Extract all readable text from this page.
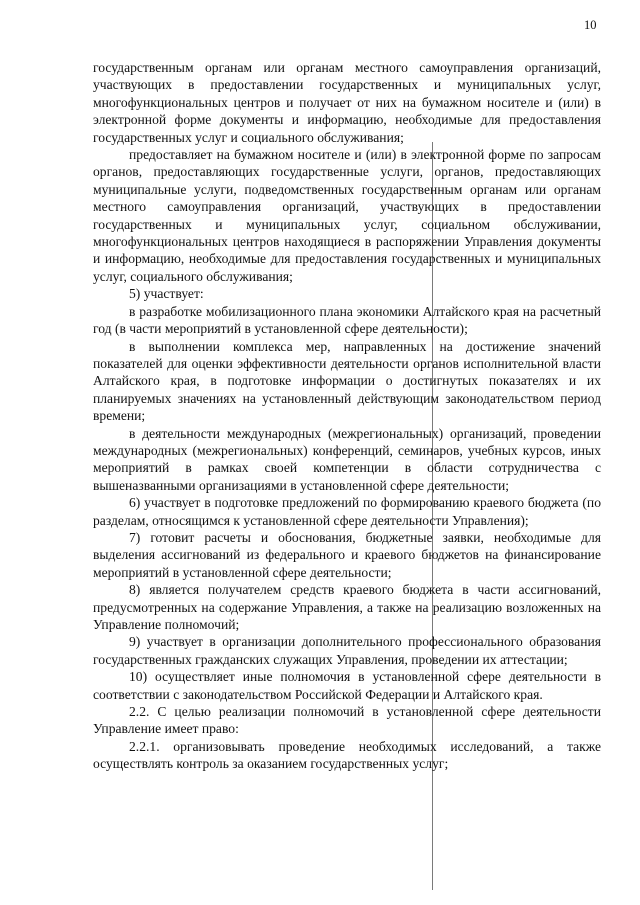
10

государственным органам или органам местного самоуправления организаций, участвующих в предоставлении государственных и муниципальных услуг, многофункциональных центров и получает от них на бумажном носителе и (или) в электронной форме документы и информацию, необходимые для предоставления государственных услуг и социального обслуживания;

предоставляет на бумажном носителе и (или) в электронной форме по запросам органов, предоставляющих государственные услуги, органов, предоставляющих муниципальные услуги, подведомственных государственным органам или органам местного самоуправления организаций, участвующих в предоставлении государственных и муниципальных услуг, социальном обслуживании, многофункциональных центров находящиеся в распоряжении Управления документы и информацию, необходимые для предоставления государственных и муниципальных услуг, социального обслуживания;

5) участвует:

в разработке мобилизационного плана экономики Алтайского края на расчетный год (в части мероприятий в установленной сфере деятельности);

в выполнении комплекса мер, направленных на достижение значений показателей для оценки эффективности деятельности органов исполнительной власти Алтайского края, в подготовке информации о достигнутых показателях и их планируемых значениях на установленный действующим законодательством период времени;

в деятельности международных (межрегиональных) организаций, проведении международных (межрегиональных) конференций, семинаров, учебных курсов, иных мероприятий в рамках своей компетенции в области сотрудничества с вышеназванными организациями в установленной сфере деятельности;

6) участвует в подготовке предложений по формированию краевого бюджета (по разделам, относящимся к установленной сфере деятельности Управления);

7) готовит расчеты и обоснования, бюджетные заявки, необходимые для выделения ассигнований из федерального и краевого бюджетов на финансирование мероприятий в установленной сфере деятельности;

8) является получателем средств краевого бюджета в части ассигнований, предусмотренных на содержание Управления, а также на реализацию возложенных на Управление полномочий;

9) участвует в организации дополнительного профессионального образования государственных гражданских служащих Управления, проведении их аттестации;

10) осуществляет иные полномочия в установленной сфере деятельности в соответствии с законодательством Российской Федерации и Алтайского края.

2.2. С целью реализации полномочий в установленной сфере деятельности Управление имеет право:

2.2.1. организовывать проведение необходимых исследований, а также осуществлять контроль за оказанием государственных услуг;
